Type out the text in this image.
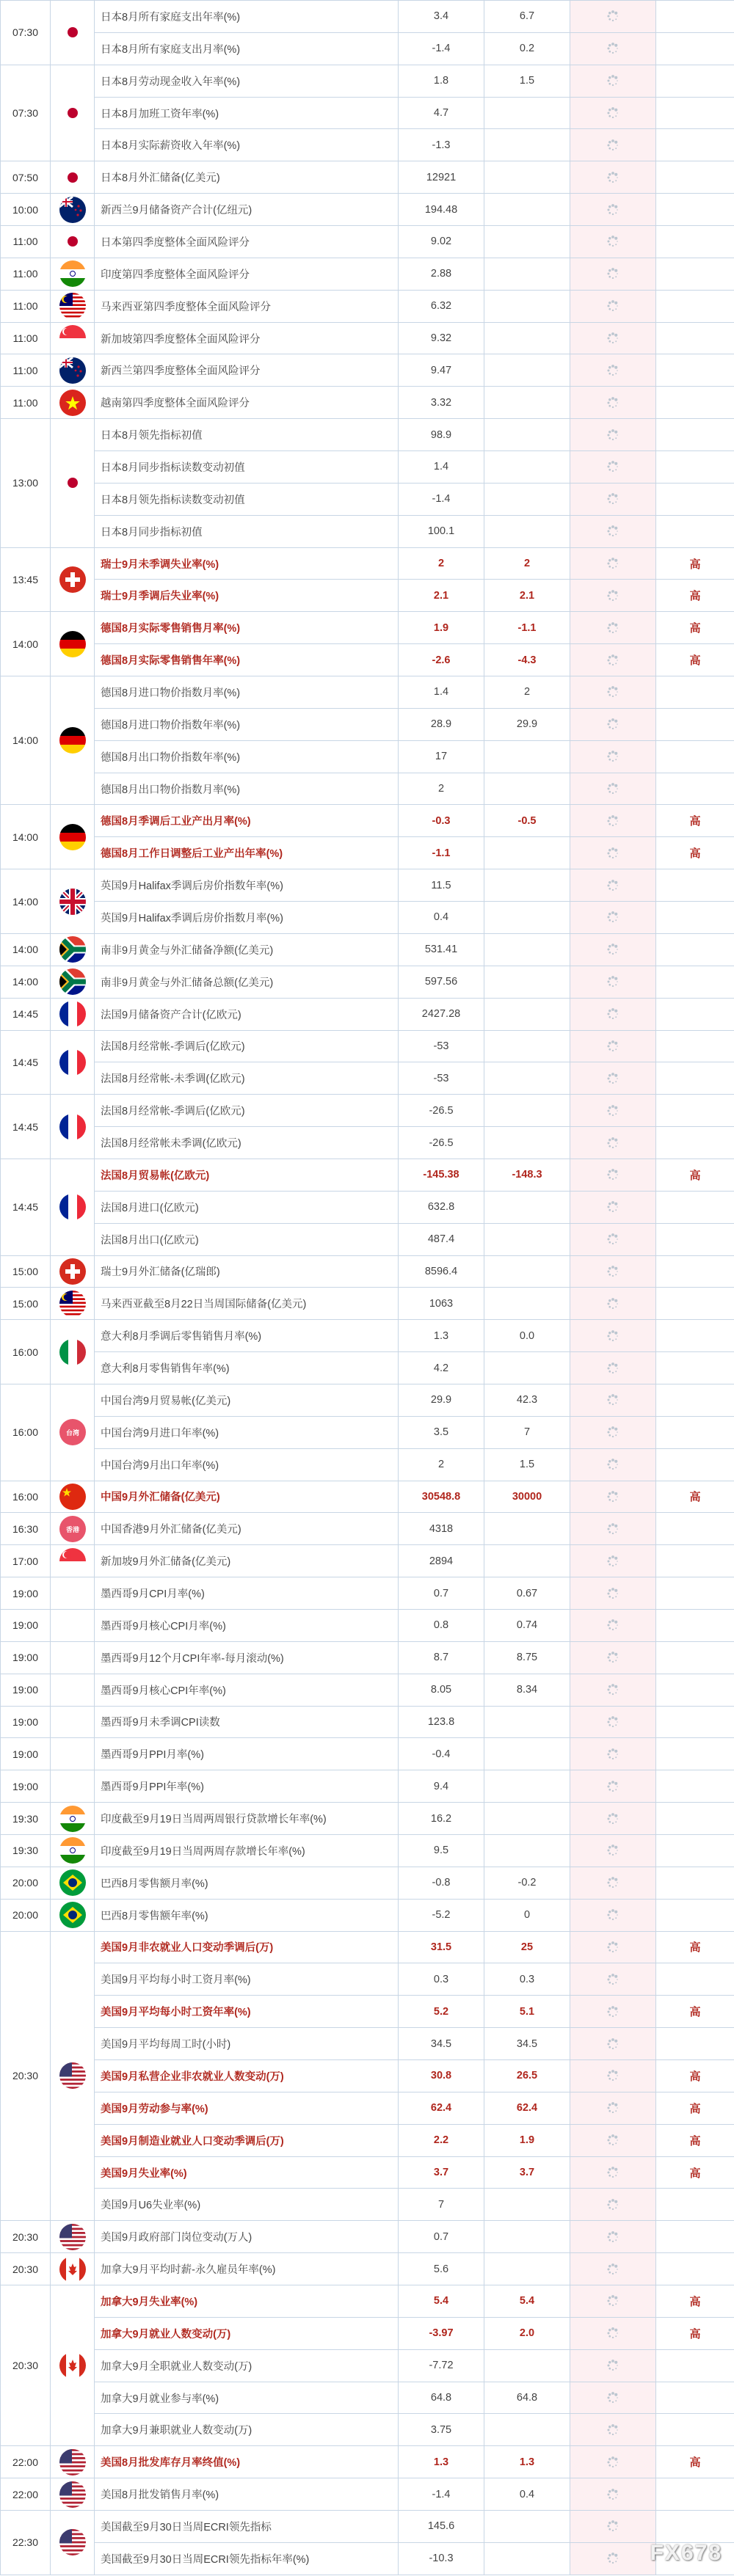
07:30		日本8月所有家庭支出年率(%)	3.4	6.7	

		日本8月所有家庭支出月率(%)	-1.4	0.2	

07:30		日本8月劳动现金收入年率(%)	1.8	1.5	

		日本8月加班工资年率(%)	4.7		

		日本8月实际薪资收入年率(%)	-1.3		

07:50		日本8月外汇储备(亿美元)	12921		

10:00		新西兰9月储备资产合计(亿纽元)	194.48		

11:00		日本第四季度整体全面风险评分	9.02		

11:00		印度第四季度整体全面风险评分	2.88		

11:00		马来西亚第四季度整体全面风险评分	6.32		

11:00		新加坡第四季度整体全面风险评分	9.32		

11:00		新西兰第四季度整体全面风险评分	9.47		

11:00		越南第四季度整体全面风险评分	3.32		

13:00		日本8月领先指标初值	98.9		

		日本8月同步指标读数变动初值	1.4		

		日本8月领先指标读数变动初值	-1.4		

		日本8月同步指标初值	100.1		

13:45		瑞士9月未季调失业率(%)	2	2		高	
		瑞士9月季调后失业率(%)	2.1	2.1		高	
14:00		德国8月实际零售销售月率(%)	1.9	-1.1		高	
		德国8月实际零售销售年率(%)	-2.6	-4.3		高	
14:00		德国8月进口物价指数月率(%)	1.4	2	

		德国8月进口物价指数年率(%)	28.9	29.9	

		德国8月出口物价指数年率(%)	17		

		德国8月出口物价指数月率(%)	2		

14:00		德国8月季调后工业产出月率(%)	-0.3	-0.5		高	
		德国8月工作日调整后工业产出年率(%)	-1.1			高	
14:00		英国9月Halifax季调后房价指数年率(%)	11.5		

		英国9月Halifax季调后房价指数月率(%)	0.4		

14:00		南非9月黄金与外汇储备净额(亿美元)	531.41		

14:00		南非9月黄金与外汇储备总额(亿美元)	597.56		

14:45		法国9月储备资产合计(亿欧元)	2427.28		

14:45		法国8月经常帐-季调后(亿欧元)	-53		

		法国8月经常帐-未季调(亿欧元)	-53		

14:45		法国8月经常帐-季调后(亿欧元)	-26.5		

		法国8月经常帐未季调(亿欧元)	-26.5		

14:45		法国8月贸易帐(亿欧元)	-145.38	-148.3		高	
		法国8月进口(亿欧元)	632.8		

		法国8月出口(亿欧元)	487.4		

15:00		瑞士9月外汇储备(亿瑞郎)	8596.4		

15:00		马来西亚截至8月22日当周国际储备(亿美元)	1063		

16:00		意大利8月季调后零售销售月率(%)	1.3	0.0	

		意大利8月零售销售年率(%)	4.2		

16:00	台湾	中国台湾9月贸易帐(亿美元)	29.9	42.3	

		中国台湾9月进口年率(%)	3.5	7	

		中国台湾9月出口年率(%)	2	1.5	

16:00		中国9月外汇储备(亿美元)	30548.8	30000		高	
16:30	香港	中国香港9月外汇储备(亿美元)	4318		

17:00		新加坡9月外汇储备(亿美元)	2894		

19:00		墨西哥9月CPI月率(%)	0.7	0.67	

19:00		墨西哥9月核心CPI月率(%)	0.8	0.74	

19:00		墨西哥9月12个月CPI年率-每月滚动(%)	8.7	8.75	

19:00		墨西哥9月核心CPI年率(%)	8.05	8.34	

19:00		墨西哥9月未季调CPI读数	123.8		

19:00		墨西哥9月PPI月率(%)	-0.4		

19:00		墨西哥9月PPI年率(%)	9.4		

19:30		印度截至9月19日当周两周银行贷款增长年率(%)	16.2		

19:30		印度截至9月19日当周两周存款增长年率(%)	9.5		

20:00		巴西8月零售额月率(%)	-0.8	-0.2	

20:00		巴西8月零售额年率(%)	-5.2	0	

20:30		美国9月非农就业人口变动季调后(万)	31.5	25		高	
		美国9月平均每小时工资月率(%)	0.3	0.3	

		美国9月平均每小时工资年率(%)	5.2	5.1		高	
		美国9月平均每周工时(小时)	34.5	34.5	

		美国9月私营企业非农就业人数变动(万)	30.8	26.5		高	
		美国9月劳动参与率(%)	62.4	62.4		高	
		美国9月制造业就业人口变动季调后(万)	2.2	1.9		高	
		美国9月失业率(%)	3.7	3.7		高	
		美国9月U6失业率(%)	7		

20:30		美国9月政府部门岗位变动(万人)	0.7		

20:30		加拿大9月平均时薪-永久雇员年率(%)	5.6		

20:30		加拿大9月失业率(%)	5.4	5.4		高	
		加拿大9月就业人数变动(万)	-3.97	2.0		高	
		加拿大9月全职就业人数变动(万)	-7.72		

		加拿大9月就业参与率(%)	64.8	64.8	

		加拿大9月兼职就业人数变动(万)	3.75		

22:00		美国8月批发库存月率终值(%)	1.3	1.3		高	
22:00		美国8月批发销售月率(%)	-1.4	0.4	

22:30		美国截至9月30日当周ECRI领先指标	145.6		

		美国截至9月30日当周ECRI领先指标年率(%)	-10.3		
			FX678
